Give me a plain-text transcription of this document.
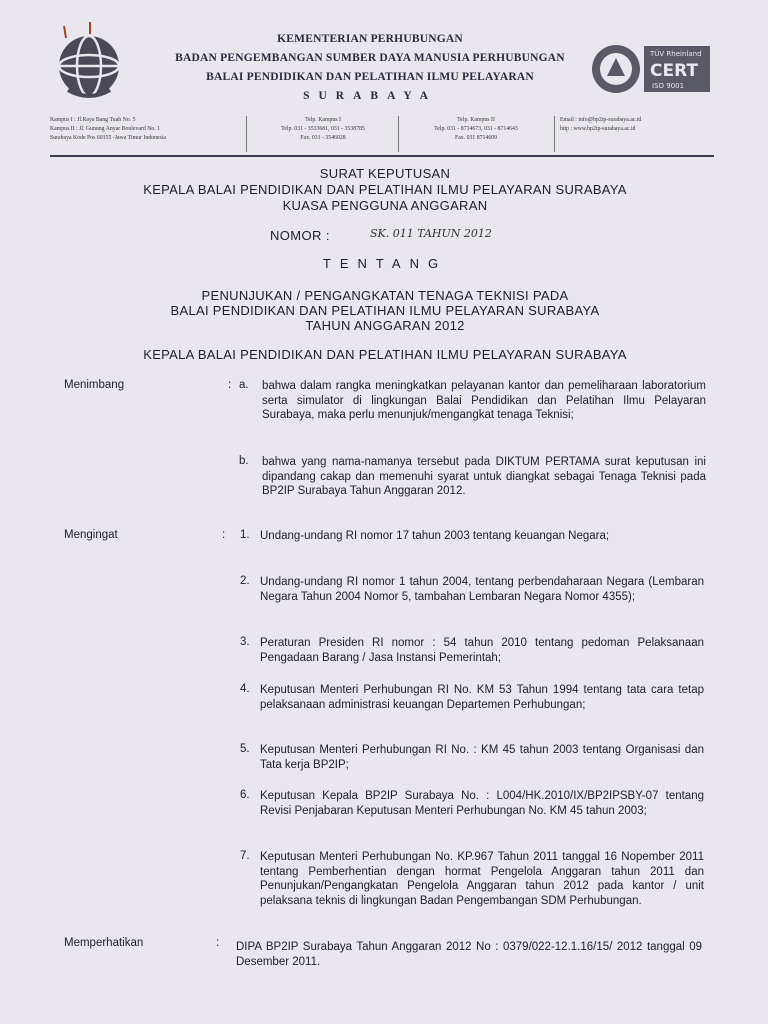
KEMENTERIAN PERHUBUNGAN
BADAN PENGEMBANGAN SUMBER DAYA MANUSIA PERHUBUNGAN
BALAI PENDIDIKAN DAN PELATIHAN ILMU PELAYARAN
SURABAYA
TÜV Rheinland
CERT
ISO 9001
Kampus I : Jl.Raya Bang Tuah No. 5
Kampus II : Jl. Gunung Anyar Boulevard No. 1
Surabaya Kode Pos 60155 -Jawa Timur Indonesia
Telp. Kampus I
Telp. 031 - 3533681, 031 - 3538785
Fax. 031 - 3546028
Telp. Kampus II
Telp. 031 - 8714673, 031 - 8714643
Fax. 031 8714609
Email : info@bp2ip-surabaya.ac.id
http : www.bp2ip-surabaya.ac.id
SURAT KEPUTUSAN
KEPALA BALAI PENDIDIKAN DAN PELATIHAN ILMU PELAYARAN SURABAYA
KUASA PENGGUNA ANGGARAN
NOMOR :	SK. 011 TAHUN 2012
TENTANG
PENUNJUKAN / PENGANGKATAN TENAGA TEKNISI PADA
BALAI PENDIDIKAN DAN PELATIHAN ILMU PELAYARAN SURABAYA
TAHUN ANGGARAN 2012
KEPALA BALAI PENDIDIKAN DAN PELATIHAN ILMU PELAYARAN SURABAYA
Menimbang	: a. bahwa dalam rangka meningkatkan pelayanan kantor dan pemeliharaan laboratorium serta simulator di lingkungan Balai Pendidikan dan Pelatihan Ilmu Pelayaran Surabaya, maka perlu menunjuk/mengangkat tenaga Teknisi;
b. bahwa yang nama-namanya tersebut pada DIKTUM PERTAMA surat keputusan ini dipandang cakap dan memenuhi syarat untuk diangkat sebagai Tenaga Teknisi pada BP2IP Surabaya Tahun Anggaran 2012.
Mengingat	: 1. Undang-undang RI nomor 17 tahun 2003 tentang keuangan Negara;
2. Undang-undang RI nomor 1 tahun 2004, tentang perbendaharaan Negara (Lembaran Negara Tahun 2004 Nomor 5, tambahan Lembaran Negara Nomor 4355);
3. Peraturan Presiden RI nomor : 54 tahun 2010 tentang pedoman Pelaksanaan Pengadaan Barang / Jasa Instansi Pemerintah;
4. Keputusan Menteri Perhubungan RI No. KM 53 Tahun 1994 tentang tata cara tetap pelaksanaan administrasi keuangan Departemen Perhubungan;
5. Keputusan Menteri Perhubungan RI No. : KM 45 tahun 2003 tentang Organisasi dan Tata kerja BP2IP;
6. Keputusan Kepala BP2IP Surabaya No. : L004/HK.2010/IX/BP2IPSBY-07 tentang Revisi Penjabaran Keputusan Menteri Perhubungan No. KM 45 tahun 2003;
7. Keputusan Menteri Perhubungan No. KP.967 Tahun 2011 tanggal 16 Nopember 2011 tentang Pemberhentian dengan hormat Pengelola Anggaran tahun 2011 dan Penunjukan/Pengangkatan Pengelola Anggaran tahun 2012 pada kantor / unit pelaksana teknis di lingkungan Badan Pengembangan SDM Perhubungan.
Memperhatikan	: DIPA BP2IP Surabaya Tahun Anggaran 2012 No : 0379/022-12.1.16/15/ 2012 tanggal 09 Desember 2011.
